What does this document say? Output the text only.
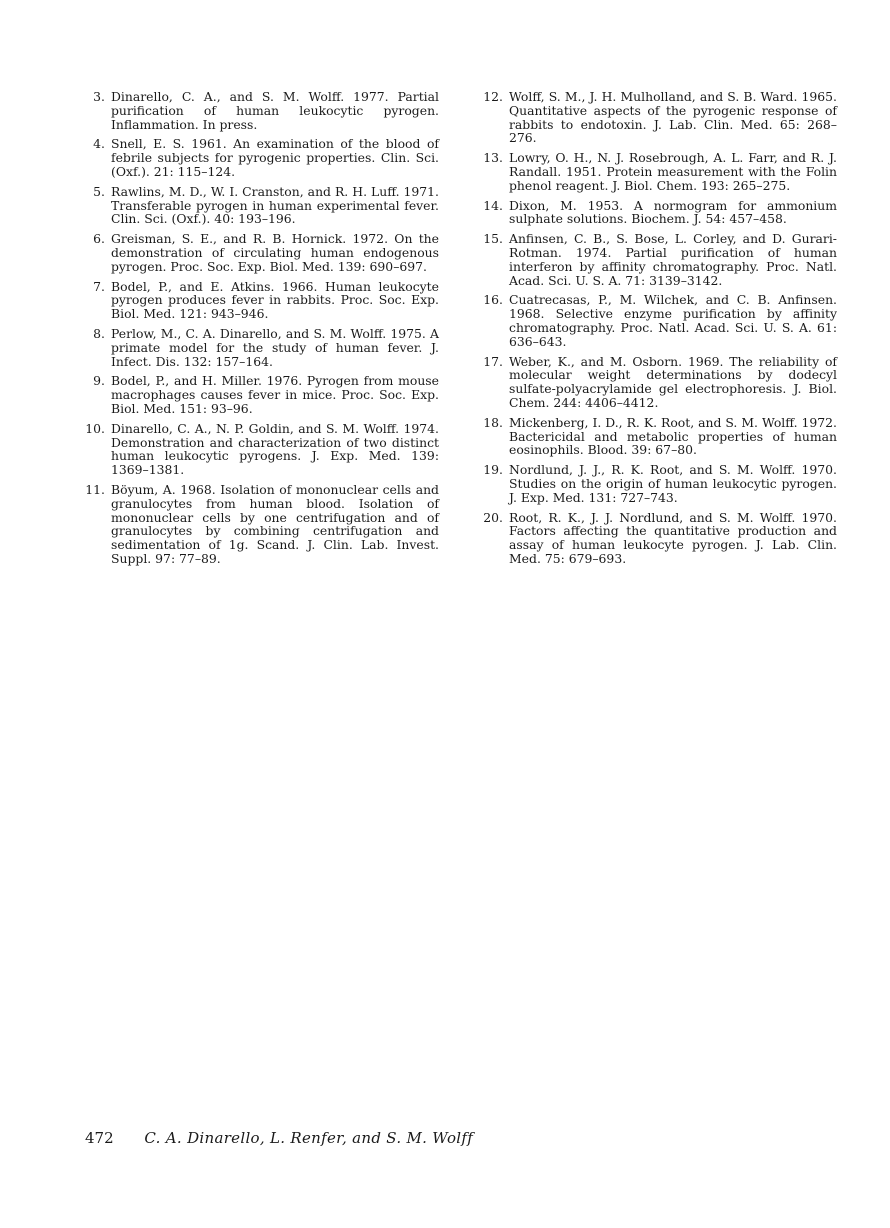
3. Dinarello, C. A., and S. M. Wolff. 1977. Partial purification of human leukocytic pyrogen. Inflammation. In press.
4. Snell, E. S. 1961. An examination of the blood of febrile subjects for pyrogenic properties. Clin. Sci. (Oxf.). 21: 115–124.
5. Rawlins, M. D., W. I. Cranston, and R. H. Luff. 1971. Transferable pyrogen in human experimental fever. Clin. Sci. (Oxf.). 40: 193–196.
6. Greisman, S. E., and R. B. Hornick. 1972. On the demonstration of circulating human endogenous pyrogen. Proc. Soc. Exp. Biol. Med. 139: 690–697.
7. Bodel, P., and E. Atkins. 1966. Human leukocyte pyrogen produces fever in rabbits. Proc. Soc. Exp. Biol. Med. 121: 943–946.
8. Perlow, M., C. A. Dinarello, and S. M. Wolff. 1975. A primate model for the study of human fever. J. Infect. Dis. 132: 157–164.
9. Bodel, P., and H. Miller. 1976. Pyrogen from mouse macrophages causes fever in mice. Proc. Soc. Exp. Biol. Med. 151: 93–96.
10. Dinarello, C. A., N. P. Goldin, and S. M. Wolff. 1974. Demonstration and characterization of two distinct human leukocytic pyrogens. J. Exp. Med. 139: 1369–1381.
11. Böyum, A. 1968. Isolation of mononuclear cells and granulocytes from human blood. Isolation of mononuclear cells by one centrifugation and of granulocytes by combining centrifugation and sedimentation of 1g. Scand. J. Clin. Lab. Invest. Suppl. 97: 77–89.
12. Wolff, S. M., J. H. Mulholland, and S. B. Ward. 1965. Quantitative aspects of the pyrogenic response of rabbits to endotoxin. J. Lab. Clin. Med. 65: 268–276.
13. Lowry, O. H., N. J. Rosebrough, A. L. Farr, and R. J. Randall. 1951. Protein measurement with the Folin phenol reagent. J. Biol. Chem. 193: 265–275.
14. Dixon, M. 1953. A normogram for ammonium sulphate solutions. Biochem. J. 54: 457–458.
15. Anfinsen, C. B., S. Bose, L. Corley, and D. Gurari-Rotman. 1974. Partial purification of human interferon by affinity chromatography. Proc. Natl. Acad. Sci. U. S. A. 71: 3139–3142.
16. Cuatrecasas, P., M. Wilchek, and C. B. Anfinsen. 1968. Selective enzyme purification by affinity chromatography. Proc. Natl. Acad. Sci. U. S. A. 61: 636–643.
17. Weber, K., and M. Osborn. 1969. The reliability of molecular weight determinations by dodecyl sulfate-polyacrylamide gel electrophoresis. J. Biol. Chem. 244: 4406–4412.
18. Mickenberg, I. D., R. K. Root, and S. M. Wolff. 1972. Bactericidal and metabolic properties of human eosinophils. Blood. 39: 67–80.
19. Nordlund, J. J., R. K. Root, and S. M. Wolff. 1970. Studies on the origin of human leukocytic pyrogen. J. Exp. Med. 131: 727–743.
20. Root, R. K., J. J. Nordlund, and S. M. Wolff. 1970. Factors affecting the quantitative production and assay of human leukocyte pyrogen. J. Lab. Clin. Med. 75: 679–693.
472 C. A. Dinarello, L. Renfer, and S. M. Wolff
